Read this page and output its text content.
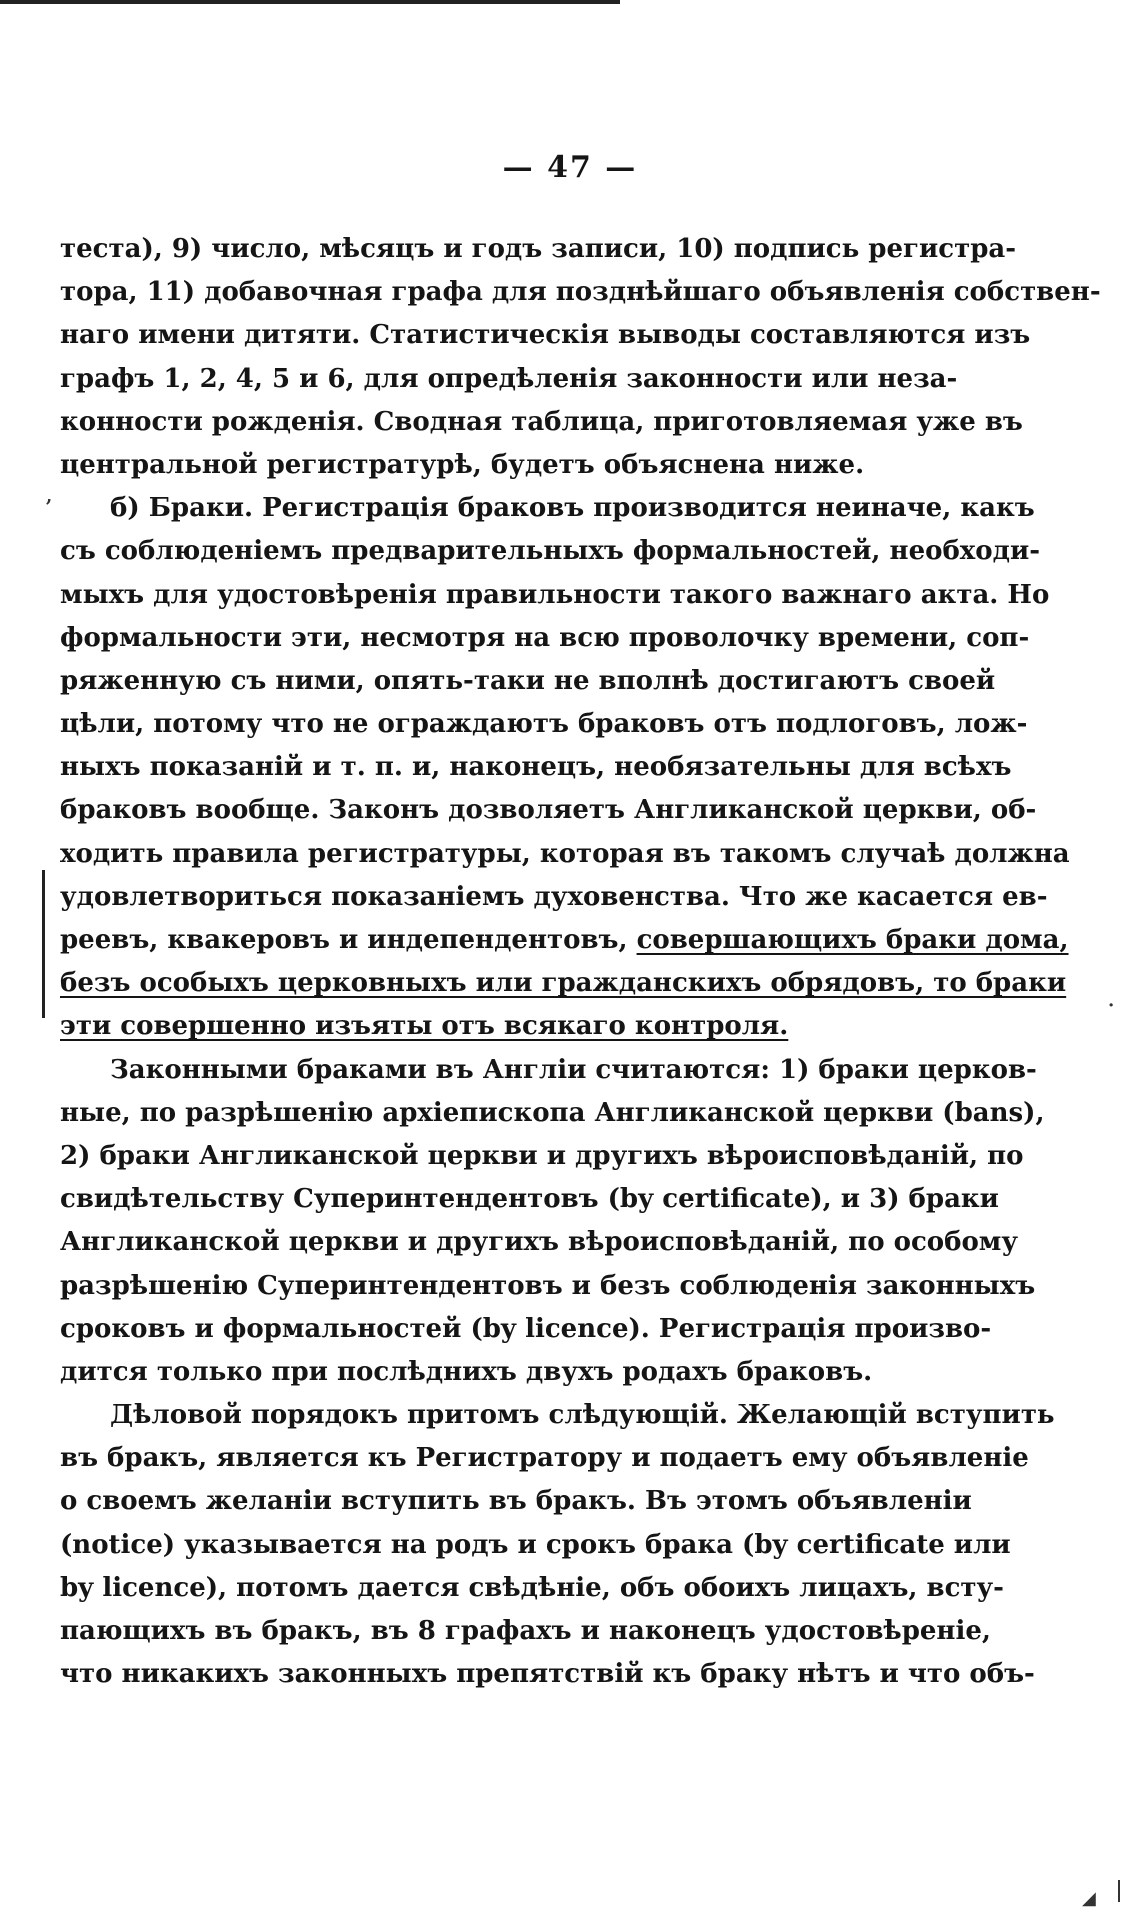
— 47 —
,
·
◢
теста), 9) число, мѣсяцъ и годъ записи, 10) подпись регистра-
тора, 11) добавочная графа для позднѣйшаго объявленія собствен-
наго имени дитяти. Статистическія выводы составляются изъ
графъ 1, 2, 4, 5 и 6, для опредѣленія законности или неза-
конности рожденія. Сводная таблица, приготовляемая уже въ
центральной регистратурѣ, будетъ объяснена ниже.
б) Браки. Регистрація браковъ производится неиначе, какъ
съ соблюденіемъ предварительныхъ формальностей, необходи-
мыхъ для удостовѣренія правильности такого важнаго акта. Но
формальности эти, несмотря на всю проволочку времени, соп-
ряженную съ ними, опять-таки не вполнѣ достигаютъ своей
цѣли, потому что не ограждаютъ браковъ отъ подлоговъ, лож-
ныхъ показаній и т. п. и, наконецъ, необязательны для всѣхъ
браковъ вообще. Законъ дозволяетъ Англиканской церкви, об-
ходить правила регистратуры, которая въ такомъ случаѣ должна
удовлетвориться показаніемъ духовенства. Что же касается ев-
реевъ, квакеровъ и индепендентовъ, совершающихъ браки дома,
безъ особыхъ церковныхъ или гражданскихъ обрядовъ, то браки
эти совершенно изъяты отъ всякаго контроля.
Законными браками въ Англіи считаются: 1) браки церков-
ные, по разрѣшенію архіепископа Англиканской церкви (bans),
2) браки Англиканской церкви и другихъ вѣроисповѣданій, по
свидѣтельству Суперинтендентовъ (by certificate), и 3) браки
Англиканской церкви и другихъ вѣроисповѣданій, по особому
разрѣшенію Суперинтендентовъ и безъ соблюденія законныхъ
сроковъ и формальностей (by licence). Регистрація произво-
дится только при послѣднихъ двухъ родахъ браковъ.
Дѣловой порядокъ притомъ слѣдующій. Желающій вступить
въ бракъ, является къ Регистратору и подаетъ ему объявленіе
о своемъ желаніи вступить въ бракъ. Въ этомъ объявленіи
(notice) указывается на родъ и срокъ брака (by certificate или
by licence), потомъ дается свѣдѣніе, объ обоихъ лицахъ, всту-
пающихъ въ бракъ, въ 8 графахъ и наконецъ удостовѣреніе,
что никакихъ законныхъ препятствій къ браку нѣтъ и что объ-
